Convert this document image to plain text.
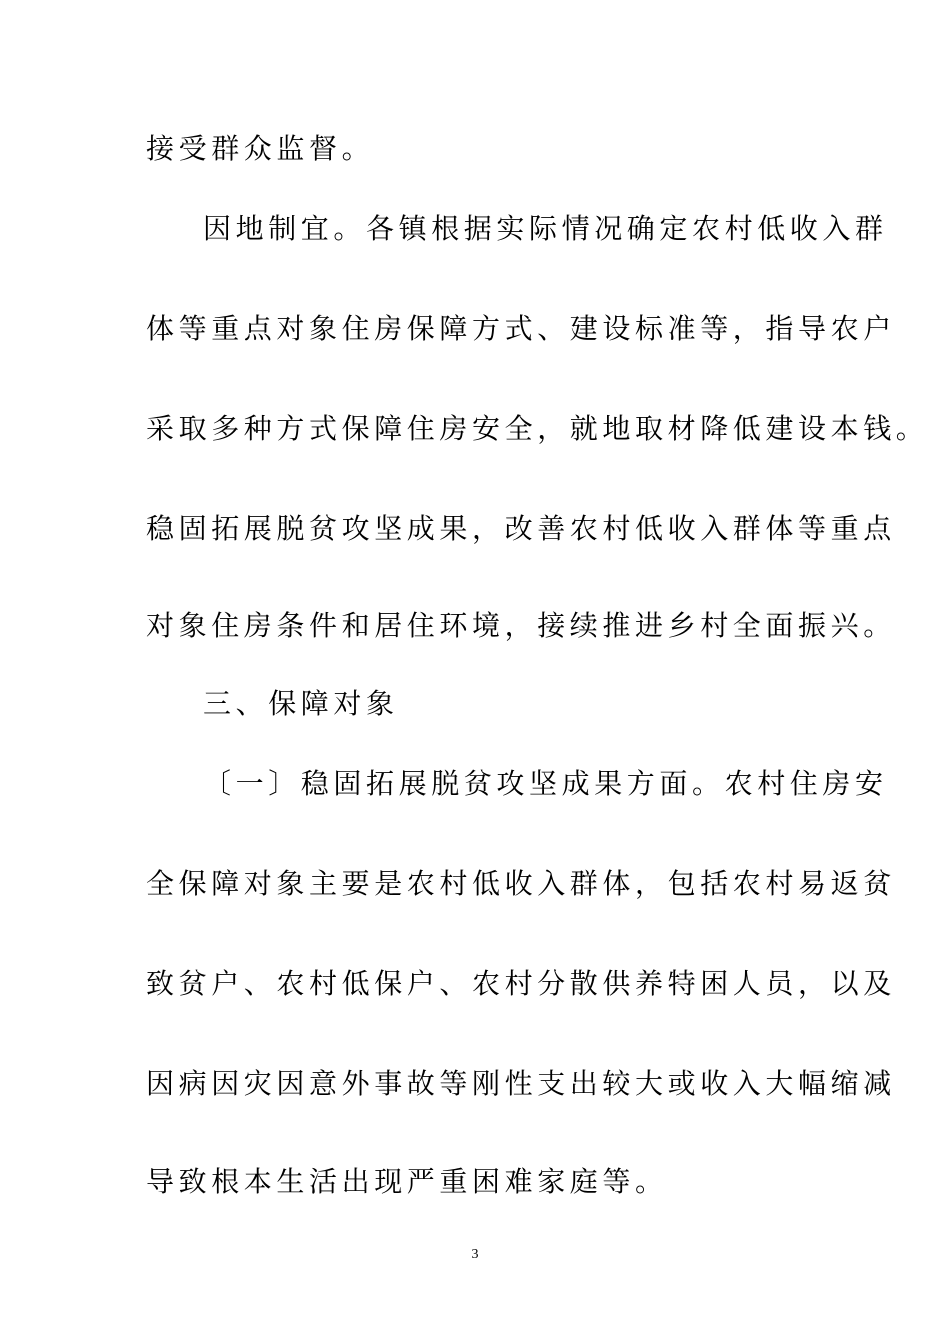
接受群众监督。

因地制宜。各镇根据实际情况确定农村低收入群

体等重点对象住房保障方式、建设标准等，指导农户

采取多种方式保障住房安全，就地取材降低建设本钱。

稳固拓展脱贫攻坚成果，改善农村低收入群体等重点

对象住房条件和居住环境，接续推进乡村全面振兴。

三、保障对象

〔一〕稳固拓展脱贫攻坚成果方面。农村住房安

全保障对象主要是农村低收入群体，包括农村易返贫

致贫户、农村低保户、农村分散供养特困人员，以及

因病因灾因意外事故等刚性支出较大或收入大幅缩减

导致根本生活出现严重困难家庭等。

3
